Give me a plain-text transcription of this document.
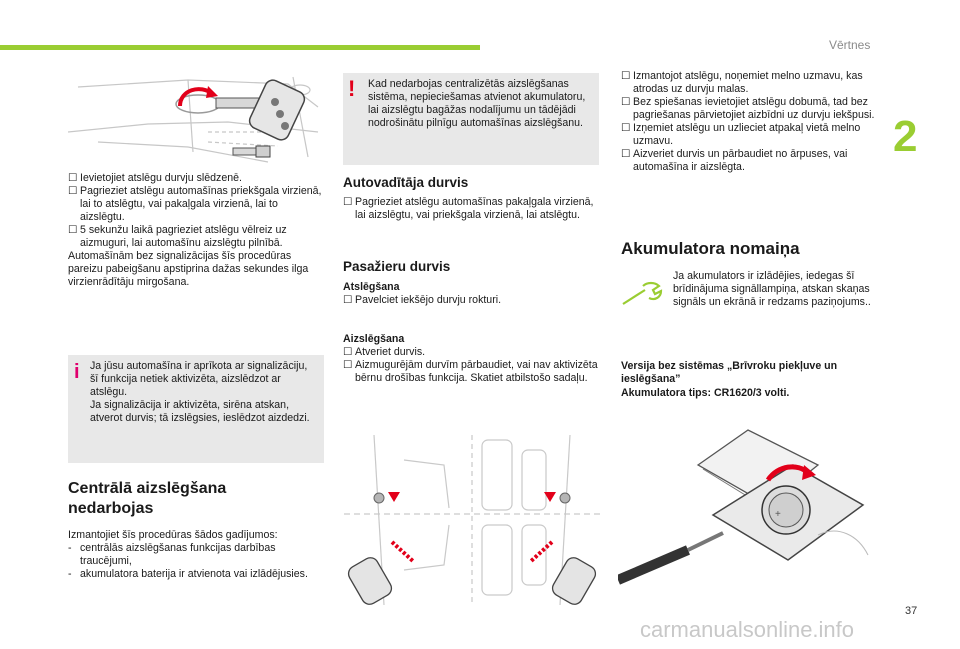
Vērtnes
2
☐ Ievietojiet atslēgu durvju slēdzenē.
☐ Pagrieziet atslēgu automašīnas priekšgala virzienā, lai to atslēgtu, vai pakaļgala virzienā, lai to aizslēgtu.
☐ 5 sekunžu laikā pagrieziet atslēgu vēlreiz uz aizmuguri, lai automašīnu aizslēgtu pilnībā.
Automašīnām bez signalizācijas šīs procedūras pareizu pabeigšanu apstiprina dažas sekundes ilga virzienrādītāju mirgošana.
i Ja jūsu automašīna ir aprīkota ar signalizāciju, šī funkcija netiek aktivizēta, aizslēdzot ar atslēgu.
Ja signalizācija ir aktivizēta, sirēna atskan, atverot durvis; tā izslēgsies, ieslēdzot aizdedzi.
Centrālā aizslēgšana
nedarbojas
Izmantojiet šīs procedūras šādos gadījumos:
- centrālās aizslēgšanas funkcijas darbības traucējumi,
- akumulatora baterija ir atvienota vai izlādējusies.
! Kad nedarbojas centralizētās aizslēgšanas sistēma, nepieciešamas atvienot akumulatoru, lai aizslēgtu bagāžas nodalījumu un tādējādi nodrošinātu pilnīgu automašīnas aizslēgšanu.
Autovadītāja durvis
☐ Pagrieziet atslēgu automašīnas pakaļgala virzienā, lai aizslēgtu, vai priekšgala virzienā, lai atslēgtu.
Pasažieru durvis
Atslēgšana
☐ Pavelciet iekšējo durvju rokturi.
Aizslēgšana
☐ Atveriet durvis.
☐ Aizmugurējām durvīm pārbaudiet, vai nav aktivizēta bērnu drošības funkcija. Skatiet atbilstošo sadaļu.
☐ Izmantojot atslēgu, noņemiet melno uzmavu, kas atrodas uz durvju malas.
☐ Bez spiešanas ievietojiet atslēgu dobumā, tad bez pagriešanas pārvietojiet aizbīdni uz durvju iekšpusi.
☐ Izņemiet atslēgu un uzlieciet atpakaļ vietā melno uzmavu.
☐ Aizveriet durvis un pārbaudiet no ārpuses, vai automašīna ir aizslēgta.
Akumulatora nomaiņa
Ja akumulators ir izlādējies, iedegas šī brīdinājuma signāllampiņa, atskan skaņas signāls un ekrānā ir redzams paziņojums..
Versija bez sistēmas „Brīvroku piekļuve un ieslēgšana”
Akumulatora tips: CR1620/3 volti.
+
37
carmanualsonline.info
